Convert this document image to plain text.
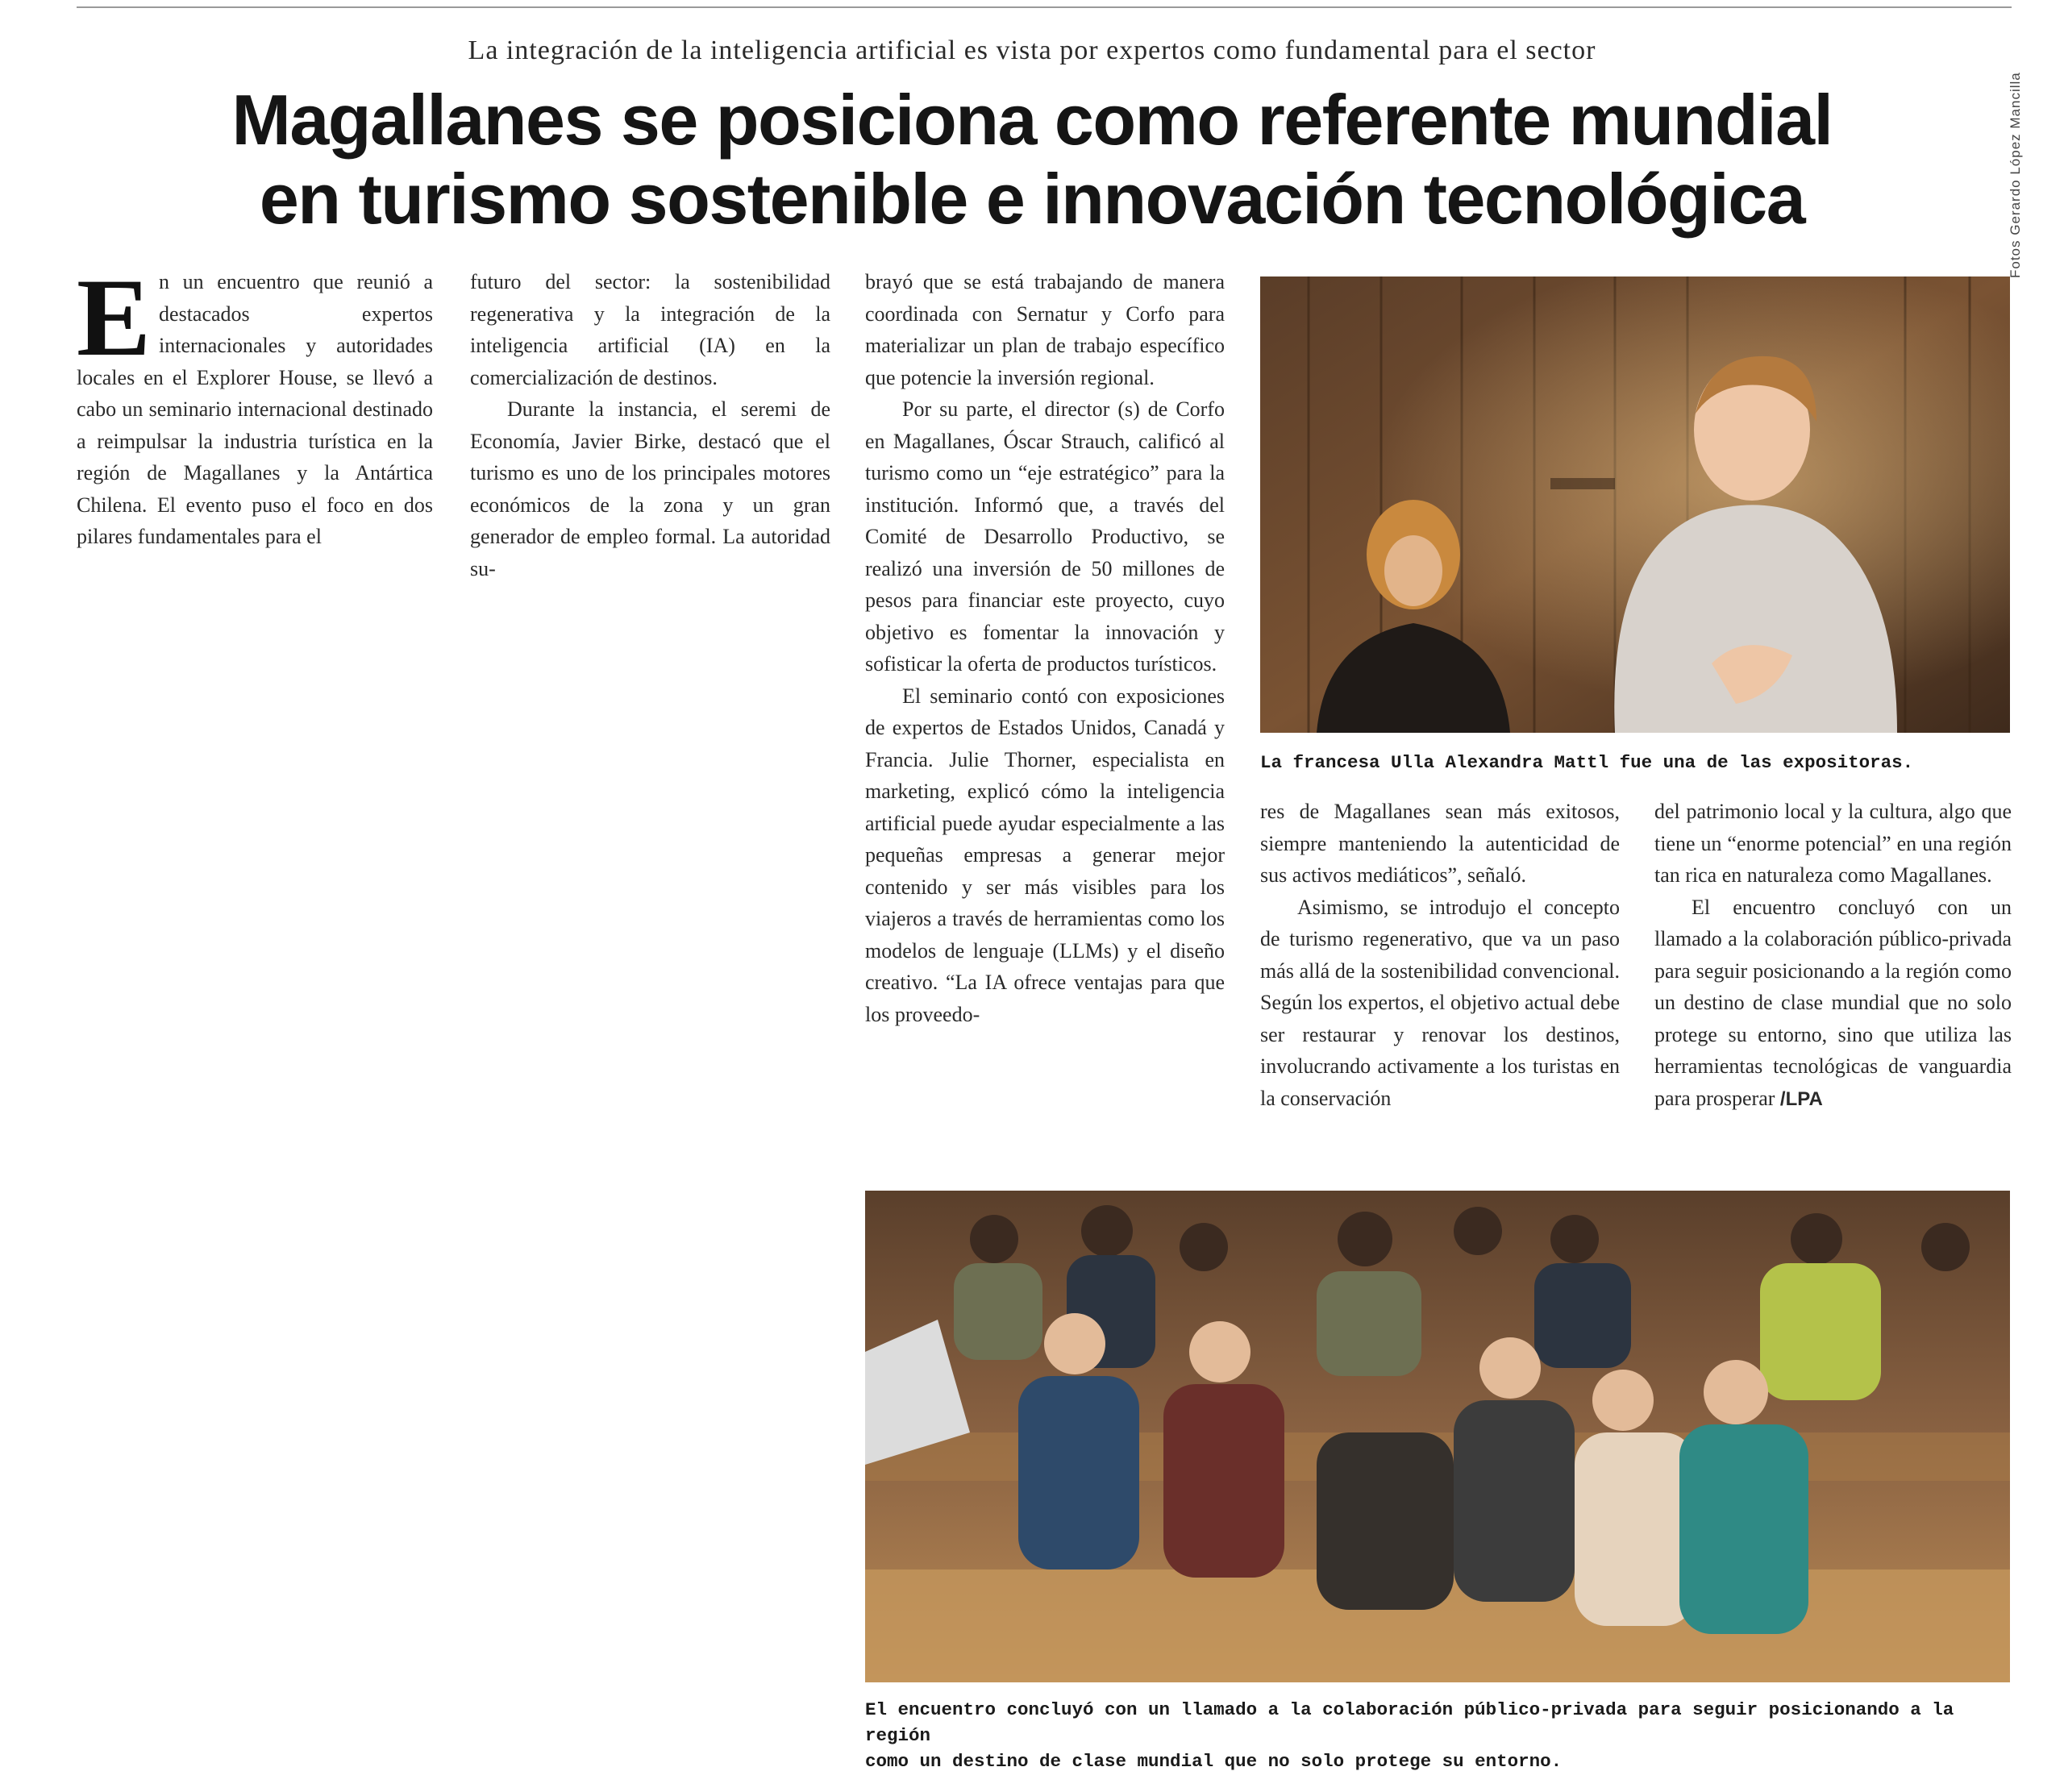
La integración de la inteligencia artificial es vista por expertos como fundamental para el sector
Magallanes se posiciona como referente mundial
en turismo sostenible e innovación tecnológica

En un encuentro que reunió a destacados expertos internacionales y autoridades locales en el Explorer House, se llevó a cabo un seminario internacional destinado a reimpulsar la industria turística en la región de Magallanes y la Antártica Chilena. El evento puso el foco en dos pilares fundamentales para el

futuro del sector: la sostenibilidad regenerativa y la integración de la inteligencia artificial (IA) en la comercialización de destinos.

Durante la instancia, el seremi de Economía, Javier Birke, destacó que el turismo es uno de los principales motores económicos de la zona y un gran generador de empleo formal. La autoridad su-

brayó que se está trabajando de manera coordinada con Sernatur y Corfo para materializar un plan de trabajo específico que potencie la inversión regional.

Por su parte, el director (s) de Corfo en Magallanes, Óscar Strauch, calificó al turismo como un “eje estratégico” para la institución. Informó que, a través del Comité de Desarrollo Productivo, se realizó una inversión de 50 millones de pesos para financiar este proyecto, cuyo objetivo es fomentar la innovación y sofisticar la oferta de productos turísticos.

El seminario contó con exposiciones de expertos de Estados Unidos, Canadá y Francia. Julie Thorner, especialista en marketing, explicó cómo la inteligencia artificial puede ayudar especialmente a las pequeñas empresas a generar mejor contenido y ser más visibles para los viajeros a través de herramientas como los modelos de lenguaje (LLMs) y el diseño creativo. “La IA ofrece ventajas para que los proveedo-

Fotos Gerardo López Mancilla
La francesa Ulla Alexandra Mattl fue una de las expositoras.

res de Magallanes sean más exitosos, siempre manteniendo la autenticidad de sus activos mediáticos”, señaló.

Asimismo, se introdujo el concepto de turismo regenerativo, que va un paso más allá de la sostenibilidad convencional. Según los expertos, el objetivo actual debe ser restaurar y renovar los destinos, involucrando activamente a los turistas en la conservación

del patrimonio local y la cultura, algo que tiene un “enorme potencial” en una región tan rica en naturaleza como Magallanes.

El encuentro concluyó con un llamado a la colaboración público-privada para seguir posicionando a la región como un destino de clase mundial que no solo protege su entorno, sino que utiliza las herramientas tecnológicas de vanguardia para prosperar /LPA

El encuentro concluyó con un llamado a la colaboración público-privada para seguir posicionando a la región
como un destino de clase mundial que no solo protege su entorno.
